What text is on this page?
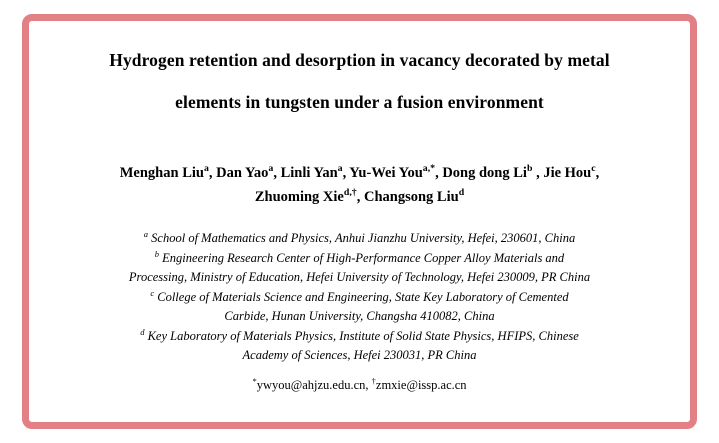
Hydrogen retention and desorption in vacancy decorated by metal
elements in tungsten under a fusion environment
Menghan Liu$^a$, Dan Yao$^a$, Linli Yan$^a$, Yu-Wei You$^{a,*}$, Dong dong Li$^b$ , Jie Hou$^c$,
Zhuoming Xie$^{d,\dagger}$, Changsong Liu$^d$
$^a$ School of Mathematics and Physics, Anhui Jianzhu University, Hefei, 230601, China
$^b$ Engineering Research Center of High-Performance Copper Alloy Materials and
Processing, Ministry of Education, Hefei University of Technology, Hefei 230009, PR China
$^c$ College of Materials Science and Engineering, State Key Laboratory of Cemented
Carbide, Hunan University, Changsha 410082, China
$^d$ Key Laboratory of Materials Physics, Institute of Solid State Physics, HFIPS, Chinese
Academy of Sciences, Hefei 230031, PR China
*ywyou@ahjzu.edu.cn, †zmxie@issp.ac.cn
